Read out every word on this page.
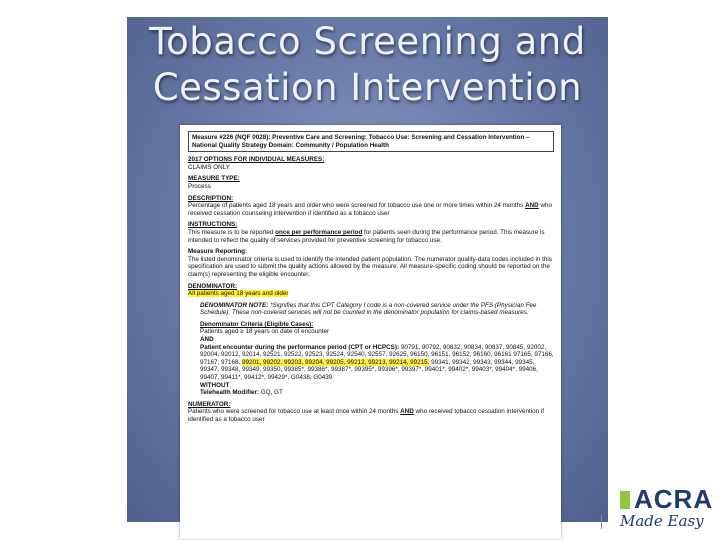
Tobacco Screening and
Cessation Intervention
Measure #226 (NQF 0028): Preventive Care and Screening: Tobacco Use: Screening and Cessation Intervention – National Quality Strategy Domain: Community / Population Health
2017 OPTIONS FOR INDIVIDUAL MEASURES:
CLAIMS ONLY
MEASURE TYPE:
Process
DESCRIPTION:
Percentage of patients aged 18 years and older who were screened for tobacco use one or more times within 24 months AND who received cessation counseling intervention if identified as a tobacco user
INSTRUCTIONS:
This measure is to be reported once per performance period for patients seen during the performance period. This measure is intended to reflect the quality of services provided for preventive screening for tobacco use.
Measure Reporting:
The listed denominator criteria is used to identify the intended patient population. The numerator quality-data codes included in this specification are used to submit the quality actions allowed by the measure. All measure-specific coding should be reported on the claim(s) representing the eligible encounter.
DENOMINATOR:
All patients aged 18 years and older
DENOMINATOR NOTE: *Signifies that this CPT Category I code is a non-covered service under the PFS (Physician Fee Schedule). These non-covered services will not be counted in the denominator population for claims-based measures.
Denominator Criteria (Eligible Cases):
Patients aged ≥ 18 years on date of encounter
AND
Patient encounter during the performance period (CPT or HCPCS): 90791, 90792, 90832, 90834, 90837, 90845, 92002, 92004, 92012, 92014, 92521, 92522, 92523, 92524, 92540, 92557, 92625, 96150, 96151, 96152, 96160, 96161 97165, 97166, 97167, 97168, 99201, 99202, 99203, 99204, 99205, 99212, 99213, 99214, 99215, 99341, 99342, 99343, 99344, 99345, 99347, 99348, 99349, 99350, 99385*, 99386*, 99387*, 99395*, 99396*, 99397*, 99401*, 99402*, 99403*, 99404*, 99406, 99407, 99411*, 99412*, 99429*, G0438, G0439
WITHOUT
Telehealth Modifier: GQ, GT
NUMERATOR:
Patients who were screened for tobacco use at least once within 24 months AND who received tobacco cessation intervention if identified as a tobacco user
ACRA
Made Easy
